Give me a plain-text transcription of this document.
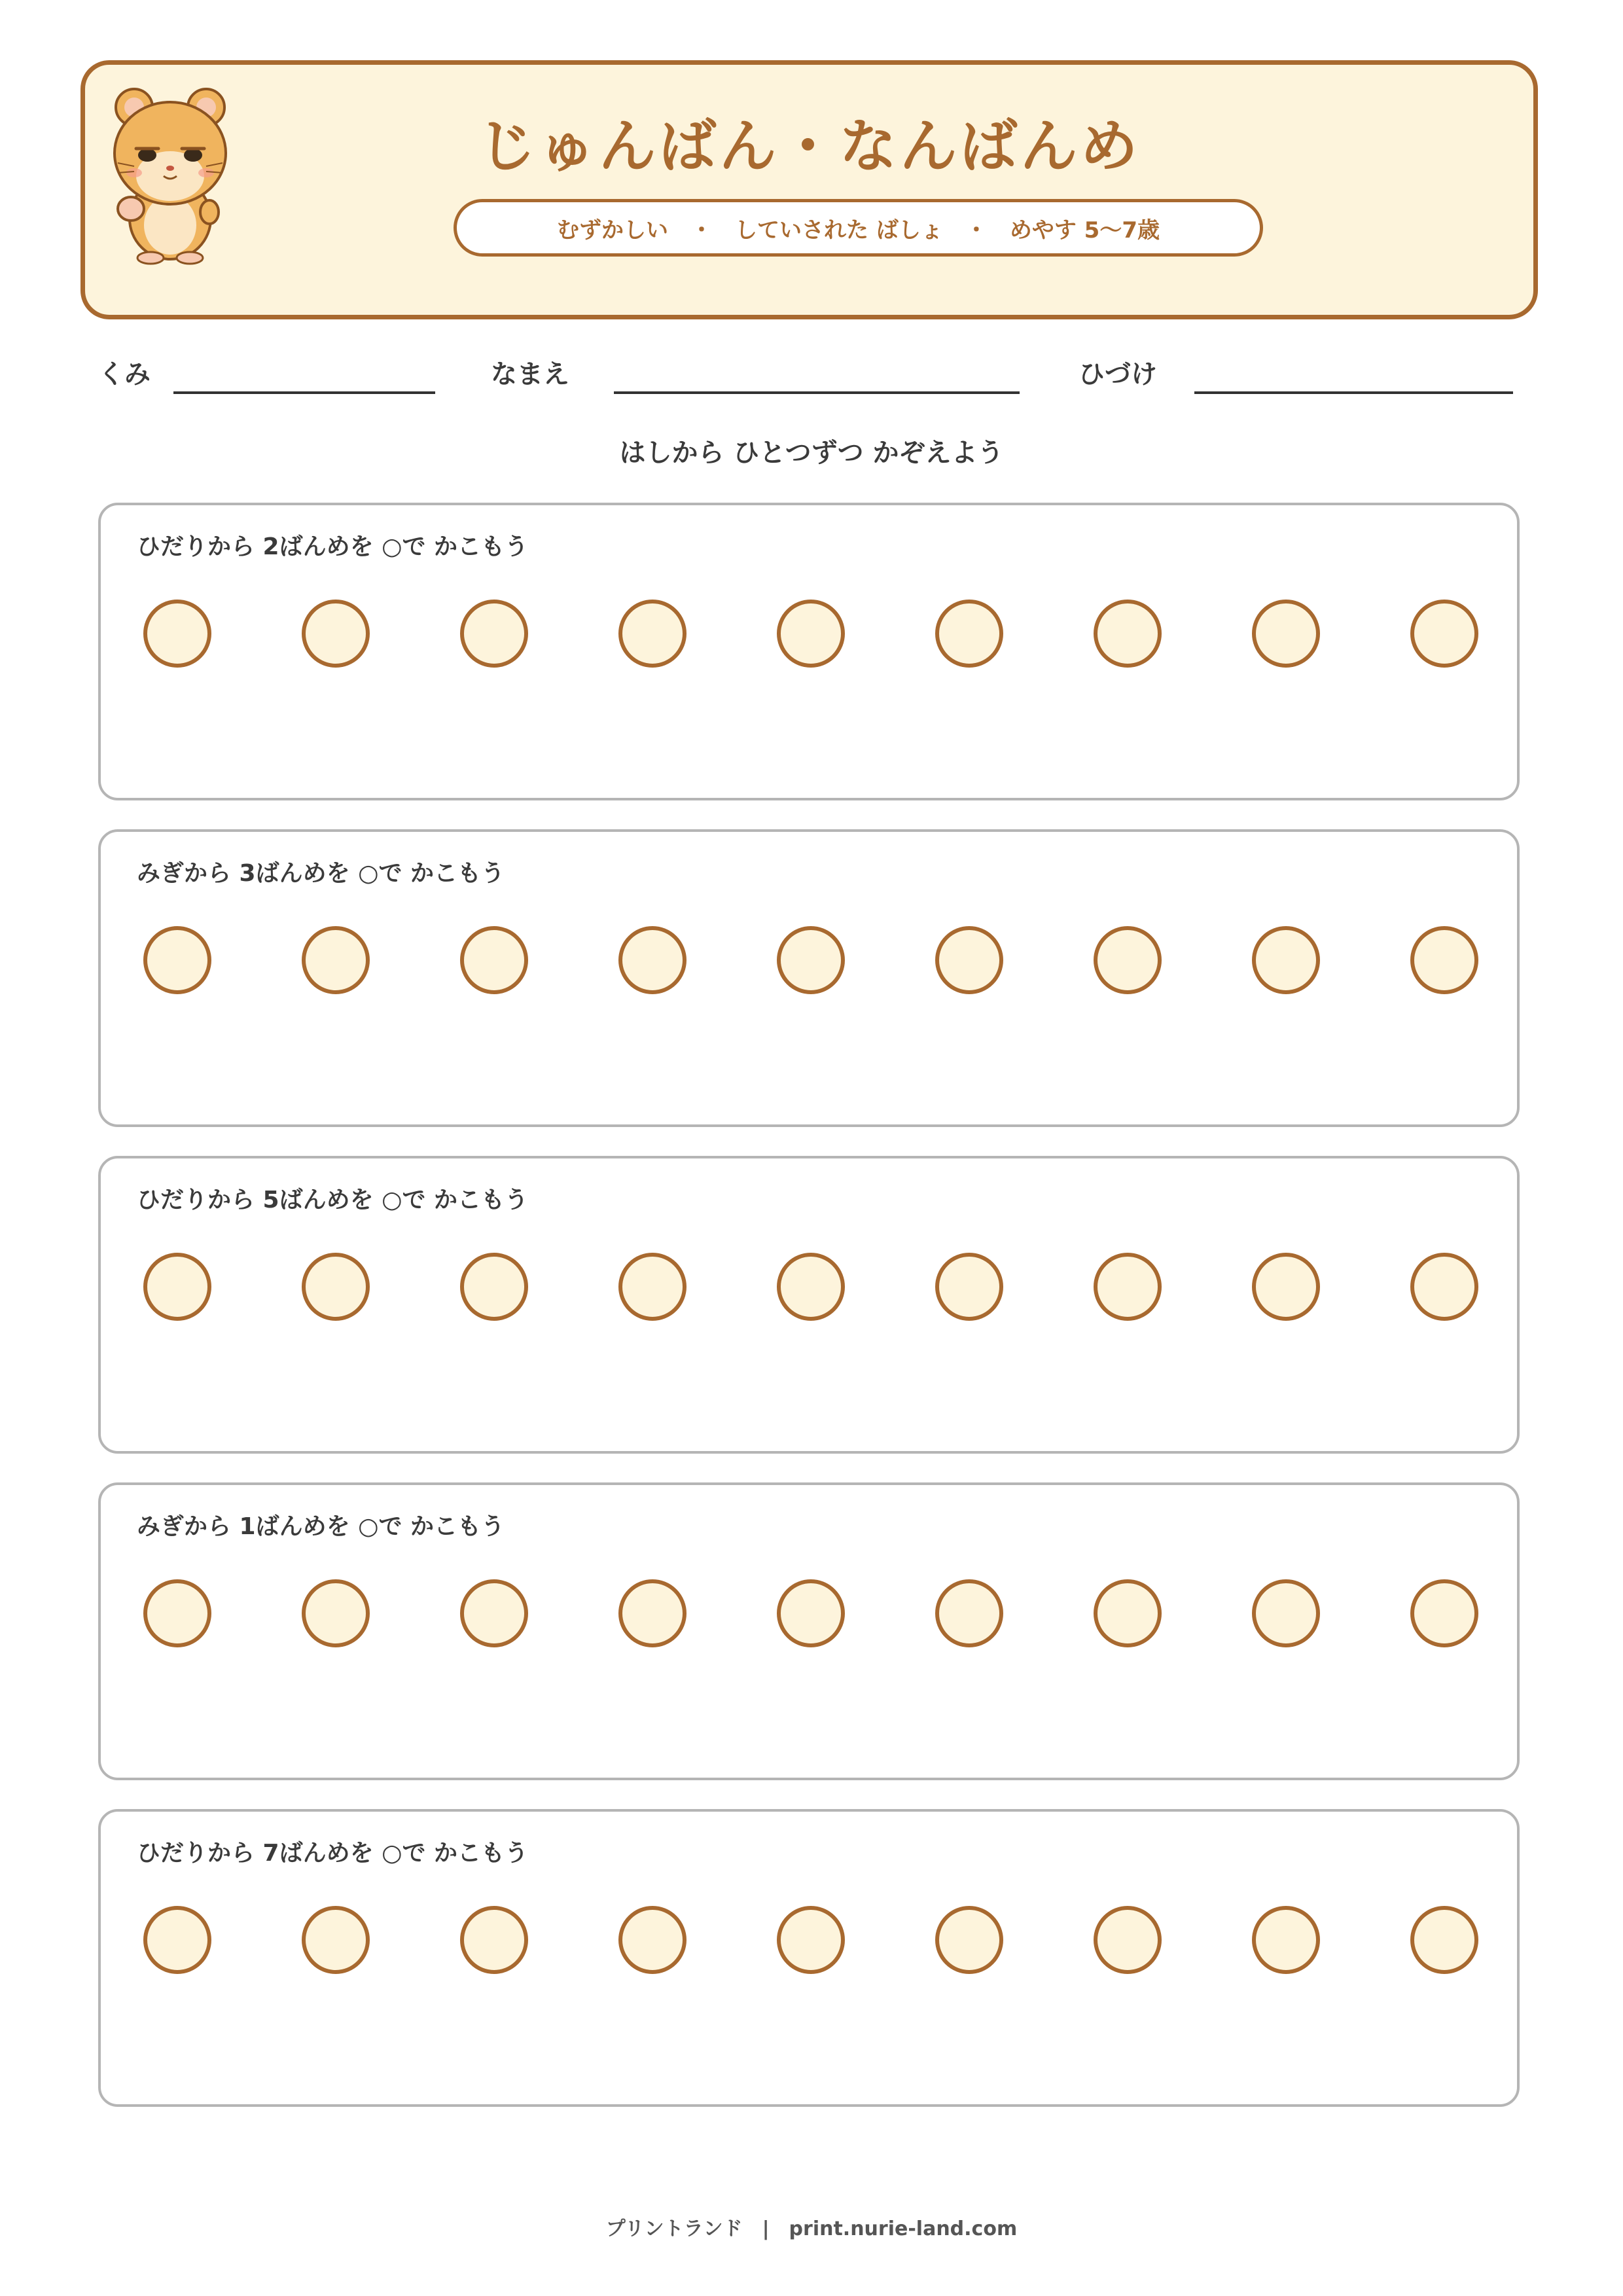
じゅんばん・なんばんめ
むずかしい　・　していされた ばしょ　・　めやす 5〜7歳
くみ	なまえ	ひづけ
はしから ひとつずつ かぞえよう
ひだりから 2ばんめを ○で かこもう
みぎから 3ばんめを ○で かこもう
ひだりから 5ばんめを ○で かこもう
みぎから 1ばんめを ○で かこもう
ひだりから 7ばんめを ○で かこもう
プリントランド　|　print.nurie-land.com
